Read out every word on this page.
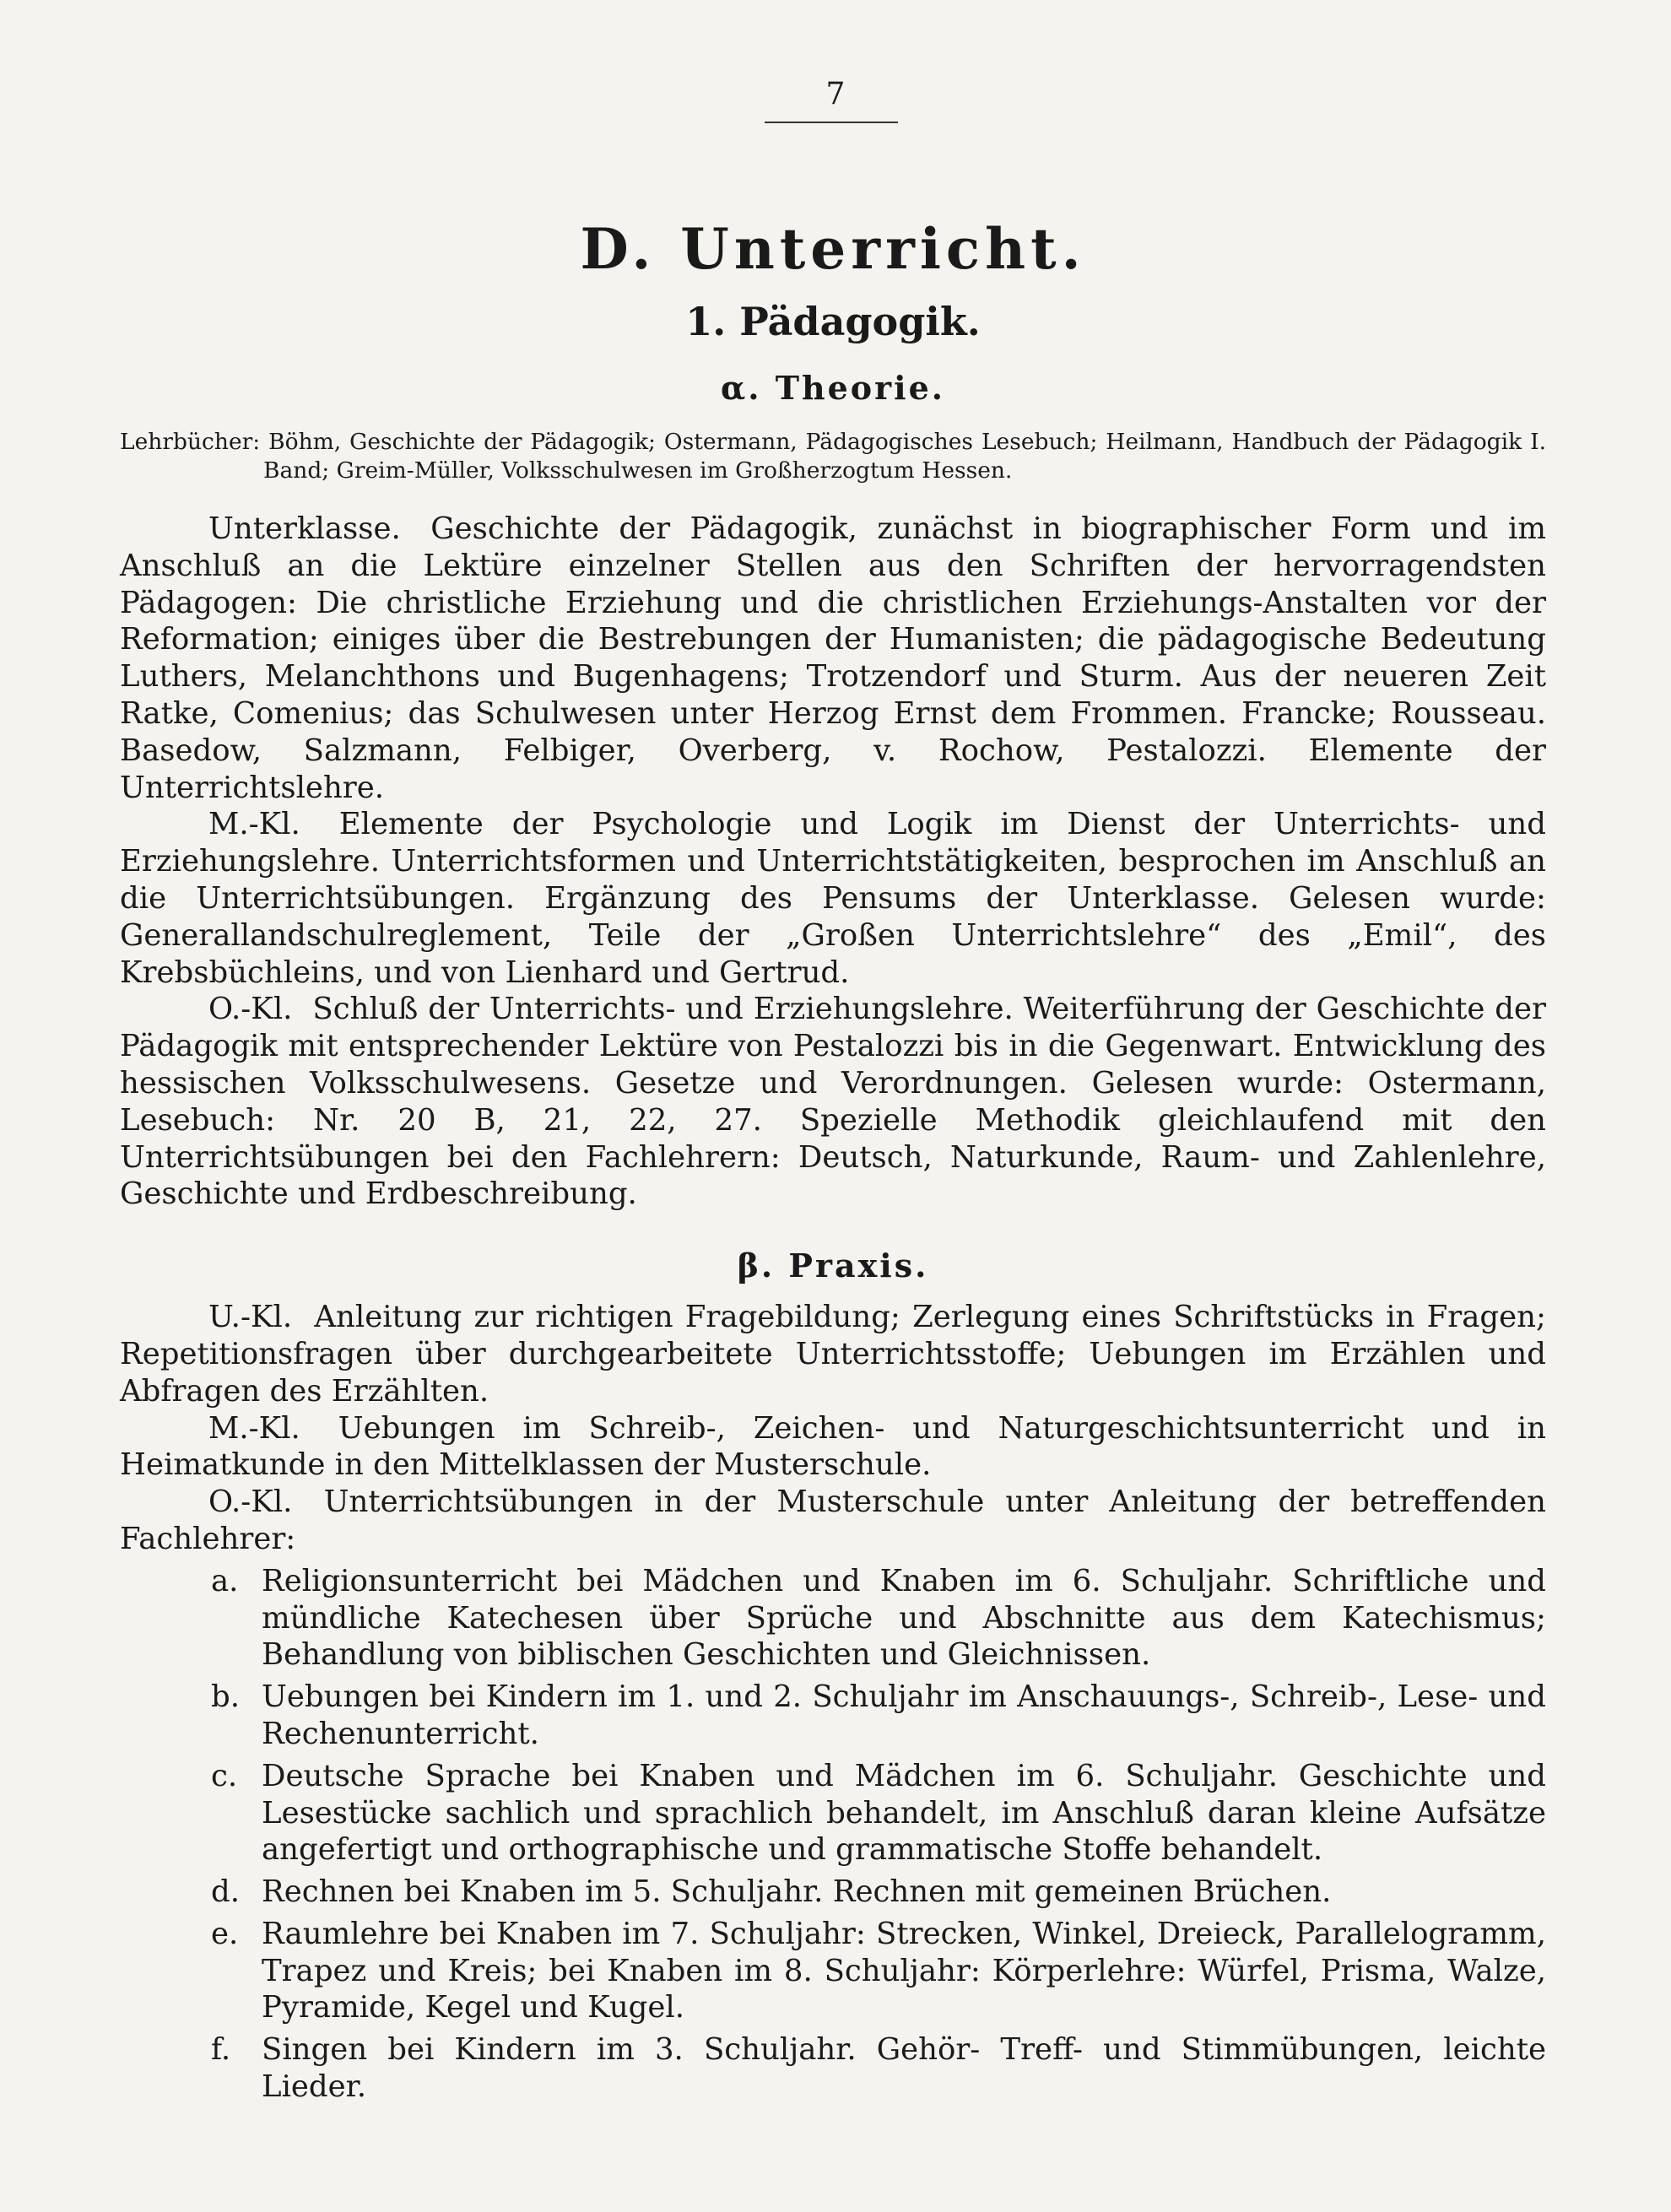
7
D. Unterricht.
1. Pädagogik.
α. Theorie.

Lehrbücher: Böhm, Geschichte der Pädagogik; Ostermann, Pädagogisches Lesebuch; Heilmann, Handbuch der Pädagogik I. Band; Greim-Müller, Volksschulwesen im Großherzogtum Hessen.

Unterklasse. Geschichte der Pädagogik, zunächst in biographischer Form und im Anschluß an die Lektüre einzelner Stellen aus den Schriften der hervorragendsten Pädagogen: Die christliche Erziehung und die christlichen Erziehungs-Anstalten vor der Reformation; einiges über die Bestrebungen der Humanisten; die pädagogische Bedeutung Luthers, Melanchthons und Bugenhagens; Trotzendorf und Sturm. Aus der neueren Zeit Ratke, Comenius; das Schulwesen unter Herzog Ernst dem Frommen. Francke; Rousseau. Basedow, Salzmann, Felbiger, Overberg, v. Rochow, Pestalozzi. Elemente der Unterrichtslehre.

M.-Kl. Elemente der Psychologie und Logik im Dienst der Unterrichts- und Erziehungslehre. Unterrichtsformen und Unterrichtstätigkeiten, besprochen im Anschluß an die Unterrichtsübungen. Ergänzung des Pensums der Unterklasse. Gelesen wurde: Generallandschulreglement, Teile der „Großen Unterrichtslehre“ des „Emil“, des Krebsbüchleins, und von Lienhard und Gertrud.

O.-Kl. Schluß der Unterrichts- und Erziehungslehre. Weiterführung der Geschichte der Pädagogik mit entsprechender Lektüre von Pestalozzi bis in die Gegenwart. Entwicklung des hessischen Volksschulwesens. Gesetze und Verordnungen. Gelesen wurde: Ostermann, Lesebuch: Nr. 20 B, 21, 22, 27. Spezielle Methodik gleichlaufend mit den Unterrichtsübungen bei den Fachlehrern: Deutsch, Naturkunde, Raum- und Zahlenlehre, Geschichte und Erdbeschreibung.

β. Praxis.

U.-Kl. Anleitung zur richtigen Fragebildung; Zerlegung eines Schriftstücks in Fragen; Repetitionsfragen über durchgearbeitete Unterrichtsstoffe; Uebungen im Erzählen und Abfragen des Erzählten.

M.-Kl. Uebungen im Schreib-, Zeichen- und Naturgeschichtsunterricht und in Heimatkunde in den Mittelklassen der Musterschule.

O.-Kl. Unterrichtsübungen in der Musterschule unter Anleitung der betreffenden Fachlehrer:

a. Religionsunterricht bei Mädchen und Knaben im 6. Schuljahr. Schriftliche und mündliche Katechesen über Sprüche und Abschnitte aus dem Katechismus; Behandlung von biblischen Geschichten und Gleichnissen.
b. Uebungen bei Kindern im 1. und 2. Schuljahr im Anschauungs-, Schreib-, Lese- und Rechenunterricht.
c. Deutsche Sprache bei Knaben und Mädchen im 6. Schuljahr. Geschichte und Lesestücke sachlich und sprachlich behandelt, im Anschluß daran kleine Aufsätze angefertigt und orthographische und grammatische Stoffe behandelt.
d. Rechnen bei Knaben im 5. Schuljahr. Rechnen mit gemeinen Brüchen.
e. Raumlehre bei Knaben im 7. Schuljahr: Strecken, Winkel, Dreieck, Parallelogramm, Trapez und Kreis; bei Knaben im 8. Schuljahr: Körperlehre: Würfel, Prisma, Walze, Pyramide, Kegel und Kugel.
f. Singen bei Kindern im 3. Schuljahr. Gehör- Treff- und Stimmübungen, leichte Lieder.
